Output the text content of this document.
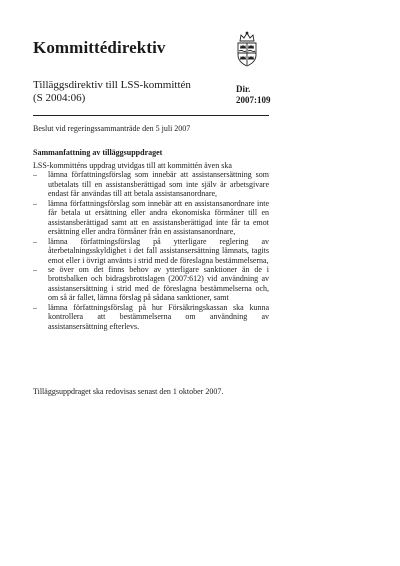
Kommittédirektiv
Tilläggsdirektiv till LSS-kommittén
(S 2004:06)
Dir.
2007:109
Beslut vid regeringssammanträde den 5 juli 2007
Sammanfattning av tilläggsuppdraget

LSS-kommitténs uppdrag utvidgas till att kommittén även ska

– lämna författningsförslag som innebär att assistansersättning som utbetalats till en assistansberättigad som inte själv är arbetsgivare endast får användas till att betala assistansanordnare,
– lämna författningsförslag som innebär att en assistansanordnare inte får betala ut ersättning eller andra ekonomiska förmåner till en assistansberättigad samt att en assistansberättigad inte får ta emot ersättning eller andra förmåner från en assistansanordnare,
– lämna författningsförslag på ytterligare reglering av återbetalningsskyldighet i det fall assistansersättning lämnats, tagits emot eller i övrigt använts i strid med de föreslagna bestämmelserna,
– se över om det finns behov av ytterligare sanktioner än de i brottsbalken och bidragsbrottslagen (2007:612) vid användning av assistansersättning i strid med de föreslagna bestämmelserna och, om så är fallet, lämna förslag på sådana sanktioner, samt
– lämna författningsförslag på hur Försäkringskassan ska kunna kontrollera att bestämmelserna om användning av assistansersättning efterlevs.
Tilläggsuppdraget ska redovisas senast den 1 oktober 2007.
